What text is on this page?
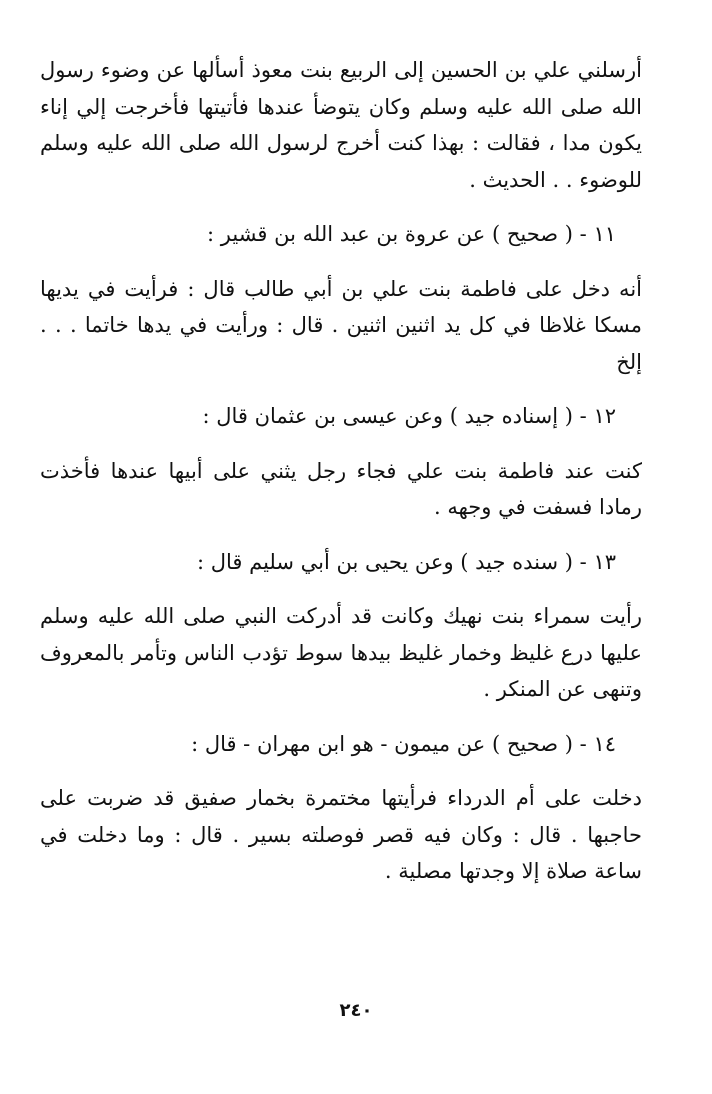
أرسلني علي بن الحسين إلى الربيع بنت معوذ أسألها عن وضوء رسول الله صلى الله عليه وسلم وكان يتوضأ عندها فأتيتها فأخرجت إلي إناء يكون مدا ، فقالت : بهذا كنت أخرج لرسول الله صلى الله عليه وسلم للوضوء . . الحديث .

١١ - ( صحيح ) عن عروة بن عبد الله بن قشير :

أنه دخل على فاطمة بنت علي بن أبي طالب قال : فرأيت في يديها مسكا غلاظا في كل يد اثنين اثنين . قال : ورأيت في يدها خاتما . . . إلخ

١٢ - ( إسناده جيد ) وعن عيسى بن عثمان قال :

كنت عند فاطمة بنت علي فجاء رجل يثني على أبيها عندها فأخذت رمادا فسفت في وجهه .

١٣ - ( سنده جيد ) وعن يحيى بن أبي سليم قال :

رأيت سمراء بنت نهيك وكانت قد أدركت النبي صلى الله عليه وسلم عليها درع غليظ وخمار غليظ بيدها سوط تؤدب الناس وتأمر بالمعروف وتنهى عن المنكر .

١٤ - ( صحيح ) عن ميمون - هو ابن مهران - قال :

دخلت على أم الدرداء فرأيتها مختمرة بخمار صفيق قد ضربت على حاجبها . قال : وكان فيه قصر فوصلته بسير . قال : وما دخلت في ساعة صلاة إلا وجدتها مصلية .

٢٤٠
